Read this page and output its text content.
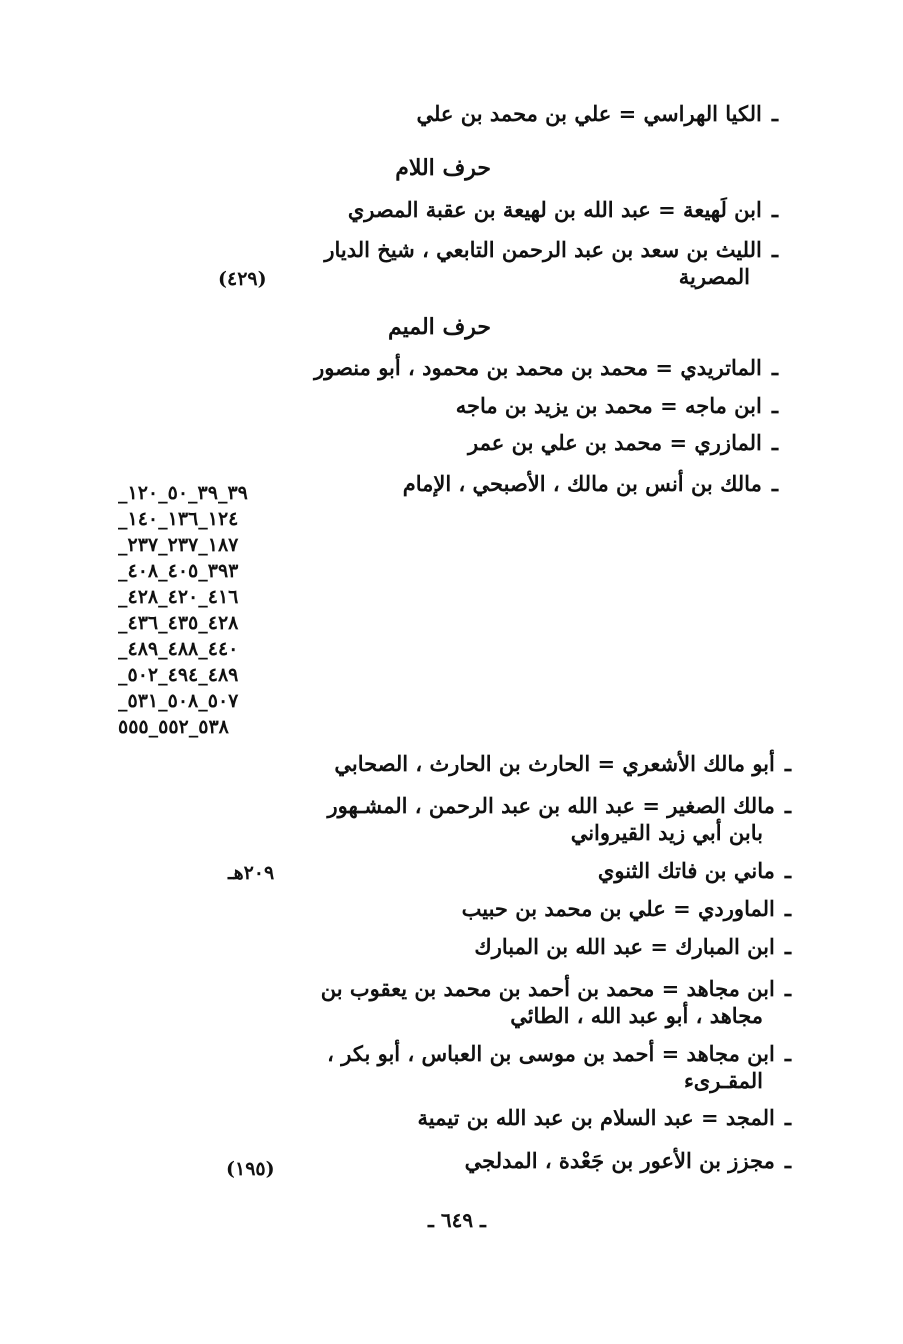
ـالكيا الهراسي = علي بن محمد بن علي
حرف اللام
ـابن لَهيعة = عبد الله بن لهيعة بن عقبة المصري
ـالليث بن سعد بن عبد الرحمن التابعي ، شيخ الديار
المصرية
(٤٢٩)
حرف الميم
ـالماتريدي = محمد بن محمد بن محمود ، أبو منصور
ـابن ماجه = محمد بن يزيد بن ماجه
ـالمازري = محمد بن علي بن عمر
ـمالك بن أنس بن مالك ، الأصبحي ، الإمام
٣٩_٣٩_٥٠_١٢٠_
١٢٤_١٣٦_١٤٠_
١٨٧_٢٣٧_٢٣٧_
٣٩٣_٤٠٥_٤٠٨_
٤١٦_٤٢٠_٤٢٨_
٤٢٨_٤٣٥_٤٣٦_
٤٤٠_٤٨٨_٤٨٩_
٤٨٩_٤٩٤_٥٠٢_
٥٠٧_٥٠٨_٥٣١_
٥٣٨_٥٥٢_٥٥٥
ـأبو مالك الأشعري = الحارث بن الحارث ، الصحابي
ـمالك الصغير = عبد الله بن عبد الرحمن ، المشـهور
بابن أبي زيد القيرواني
ـماني بن فاتك الثنوي
٢٠٩هـ
ـالماوردي = علي بن محمد بن حبيب
ـابن المبارك = عبد الله بن المبارك
ـابن مجاهد = محمد بن أحمد بن محمد بن يعقوب بن
مجاهد ، أبو عبد الله ، الطائي
ـابن مجاهد = أحمد بن موسى بن العباس ، أبو بكر ،
المقـرىء
ـالمجد = عبد السلام بن عبد الله بن تيمية
ـمجزز بن الأعور بن جَعْدة ، المدلجي
(١٩٥)
ـ ٦٤٩ ـ
